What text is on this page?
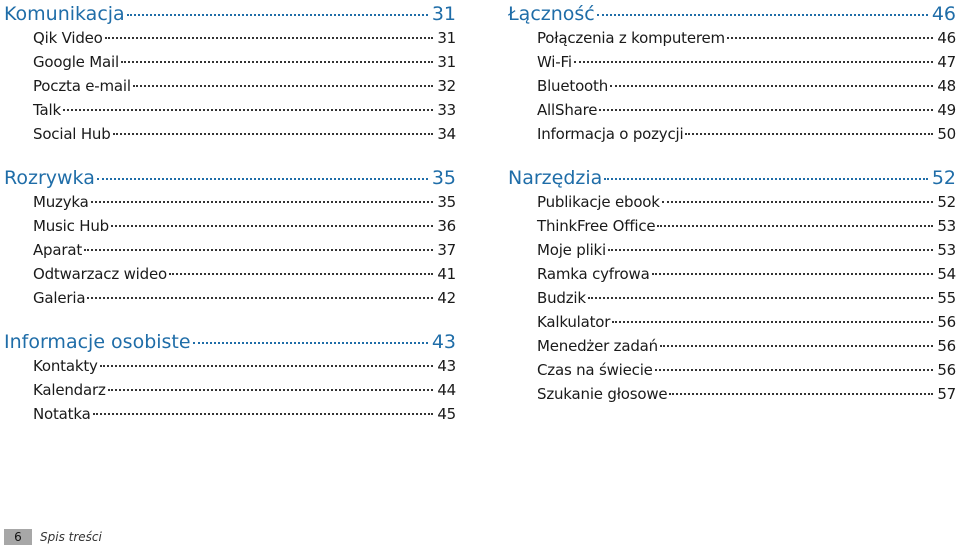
Komunikacja	31
Qik Video	31
Google Mail	31
Poczta e-mail	32
Talk	33
Social Hub	34
Rozrywka	35
Muzyka	35
Music Hub	36
Aparat	37
Odtwarzacz wideo	41
Galeria	42
Informacje osobiste	43
Kontakty	43
Kalendarz	44
Notatka	45
Łączność	46
Połączenia z komputerem	46
Wi-Fi	47
Bluetooth	48
AllShare	49
Informacja o pozycji	50
Narzędzia	52
Publikacje ebook	52
ThinkFree Office	53
Moje pliki	53
Ramka cyfrowa	54
Budzik	55
Kalkulator	56
Menedżer zadań	56
Czas na świecie	56
Szukanie głosowe	57
6	Spis treści
